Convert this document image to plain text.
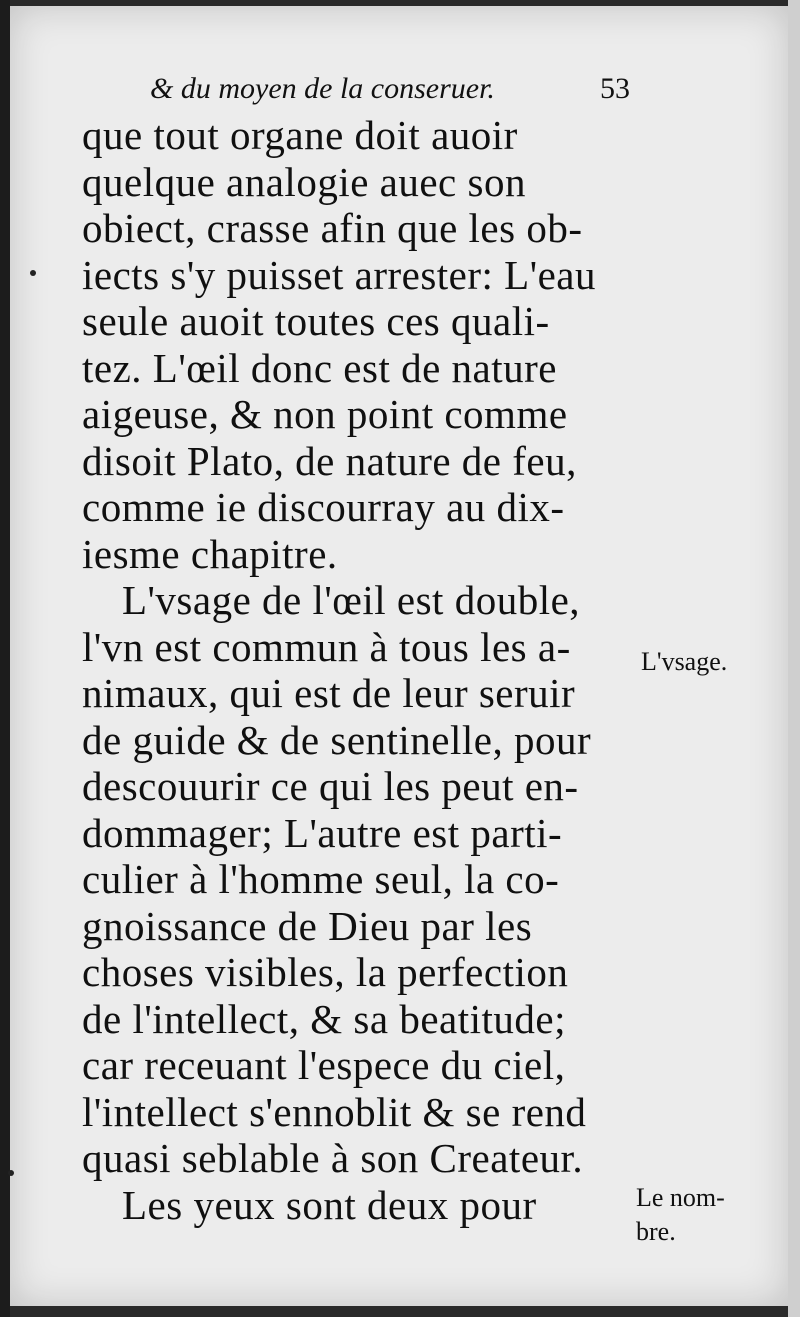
& du moyen de la conseruer.	53
que tout organe doit auoir
quelque analogie auec son
obiect, crasse afin que les ob-
iects s'y puisset arrester: L'eau
seule auoit toutes ces quali-
tez. L'œil donc est de nature
aigeuse, & non point comme
disoit Plato, de nature de feu,
comme ie discourray au dix-
iesme chapitre.
L'vsage de l'œil est double,
l'vn est commun à tous les a-
nimaux, qui est de leur seruir
de guide & de sentinelle, pour
descouurir ce qui les peut en-
dommager; L'autre est parti-
culier à l'homme seul, la co-
gnoissance de Dieu par les
choses visibles, la perfection
de l'intellect, & sa beatitude;
car receuant l'espece du ciel,
l'intellect s'ennoblit & se rend
quasi seblable à son Createur.
Les yeux sont deux pour
L'vsage.
Le nom-
bre.
